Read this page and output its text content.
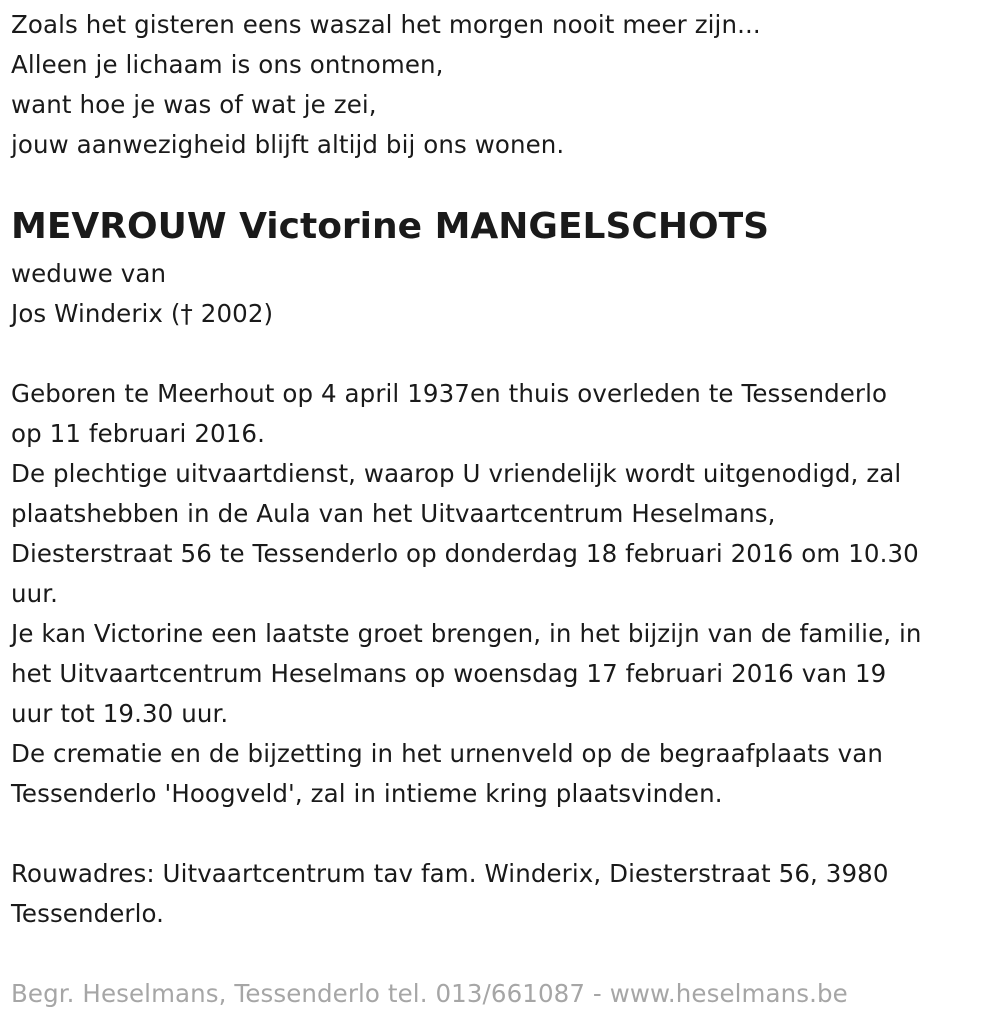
Zoals het gisteren eens waszal het morgen nooit meer zijn...
Alleen je lichaam is ons ontnomen,
want hoe je was of wat je zei,
jouw aanwezigheid blijft altijd bij ons wonen.
MEVROUW Victorine MANGELSCHOTS
weduwe van
Jos Winderix († 2002)
Geboren te Meerhout op 4 april 1937en thuis overleden te Tessenderlo
op 11 februari 2016.
De plechtige uitvaartdienst, waarop U vriendelijk wordt uitgenodigd, zal
plaatshebben in de Aula van het Uitvaartcentrum Heselmans,
Diesterstraat 56 te Tessenderlo op donderdag 18 februari 2016 om 10.30
uur.
Je kan Victorine een laatste groet brengen, in het bijzijn van de familie, in
het Uitvaartcentrum Heselmans op woensdag 17 februari 2016 van 19
uur tot 19.30 uur.
De crematie en de bijzetting in het urnenveld op de begraafplaats van
Tessenderlo 'Hoogveld', zal in intieme kring plaatsvinden.
Rouwadres: Uitvaartcentrum tav fam. Winderix, Diesterstraat 56, 3980
Tessenderlo.
Begr. Heselmans, Tessenderlo tel. 013/661087 - www.heselmans.be
